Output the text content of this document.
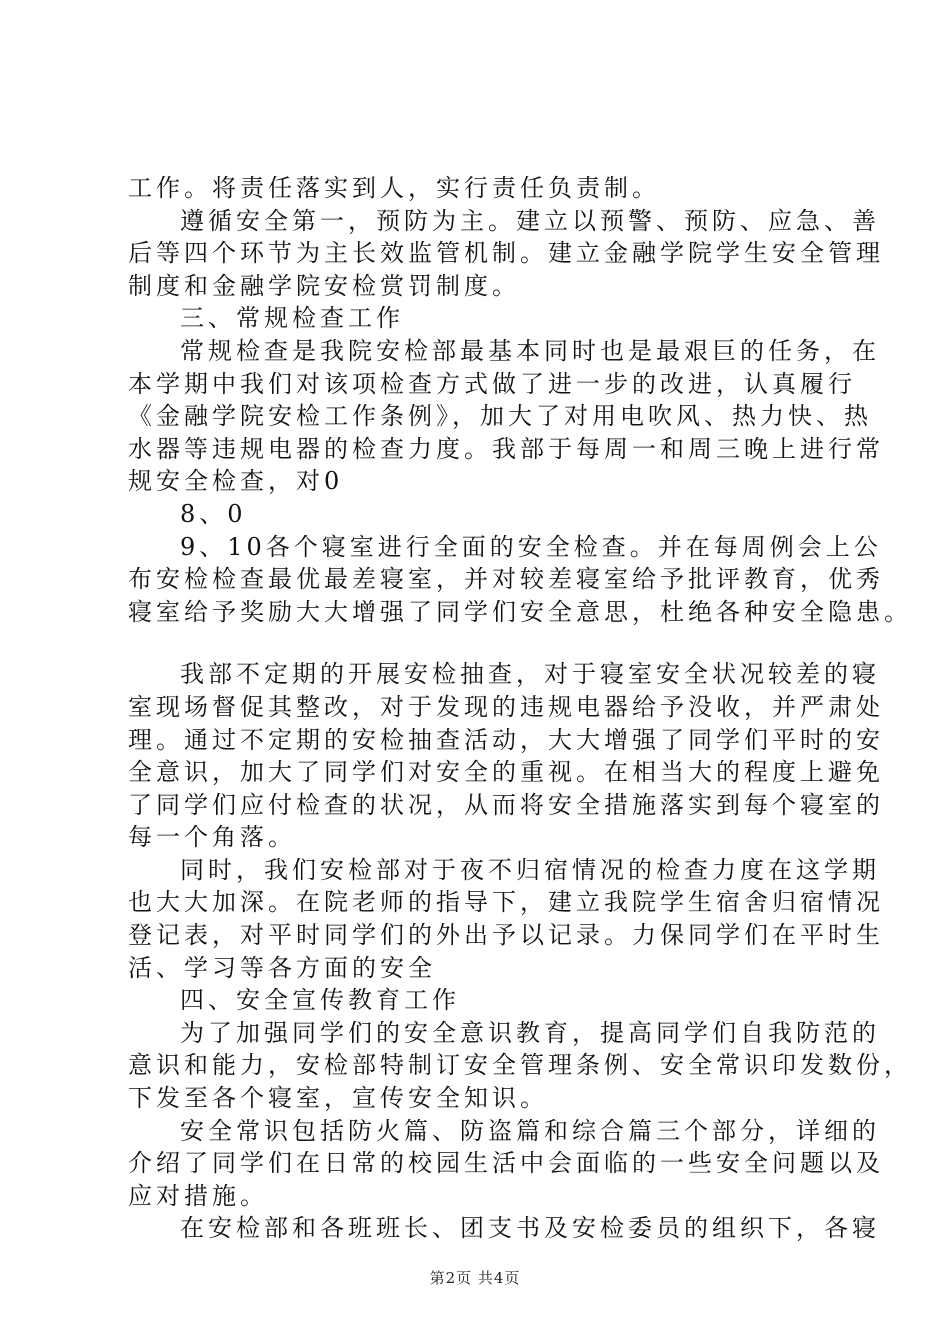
工作。将责任落实到人，实行责任负责制。
遵循安全第一，预防为主。建立以预警、预防、应急、善
后等四个环节为主长效监管机制。建立金融学院学生安全管理
制度和金融学院安检赏罚制度。
三、常规检查工作
常规检查是我院安检部最基本同时也是最艰巨的任务，在
本学期中我们对该项检查方式做了进一步的改进，认真履行
《金融学院安检工作条例》，加大了对用电吹风、热力快、热
水器等违规电器的检查力度。我部于每周一和周三晚上进行常
规安全检查，对0
8、0
9、10各个寝室进行全面的安全检查。并在每周例会上公
布安检检查最优最差寝室，并对较差寝室给予批评教育，优秀
寝室给予奖励大大增强了同学们安全意思，杜绝各种安全隐患。
我部不定期的开展安检抽查，对于寝室安全状况较差的寝
室现场督促其整改，对于发现的违规电器给予没收，并严肃处
理。通过不定期的安检抽查活动，大大增强了同学们平时的安
全意识，加大了同学们对安全的重视。在相当大的程度上避免
了同学们应付检查的状况，从而将安全措施落实到每个寝室的
每一个角落。
同时，我们安检部对于夜不归宿情况的检查力度在这学期
也大大加深。在院老师的指导下，建立我院学生宿舍归宿情况
登记表，对平时同学们的外出予以记录。力保同学们在平时生
活、学习等各方面的安全
四、安全宣传教育工作
为了加强同学们的安全意识教育，提高同学们自我防范的
意识和能力，安检部特制订安全管理条例、安全常识印发数份，
下发至各个寝室，宣传安全知识。
安全常识包括防火篇、防盗篇和综合篇三个部分，详细的
介绍了同学们在日常的校园生活中会面临的一些安全问题以及
应对措施。
在安检部和各班班长、团支书及安检委员的组织下，各寝
第2页 共4页
